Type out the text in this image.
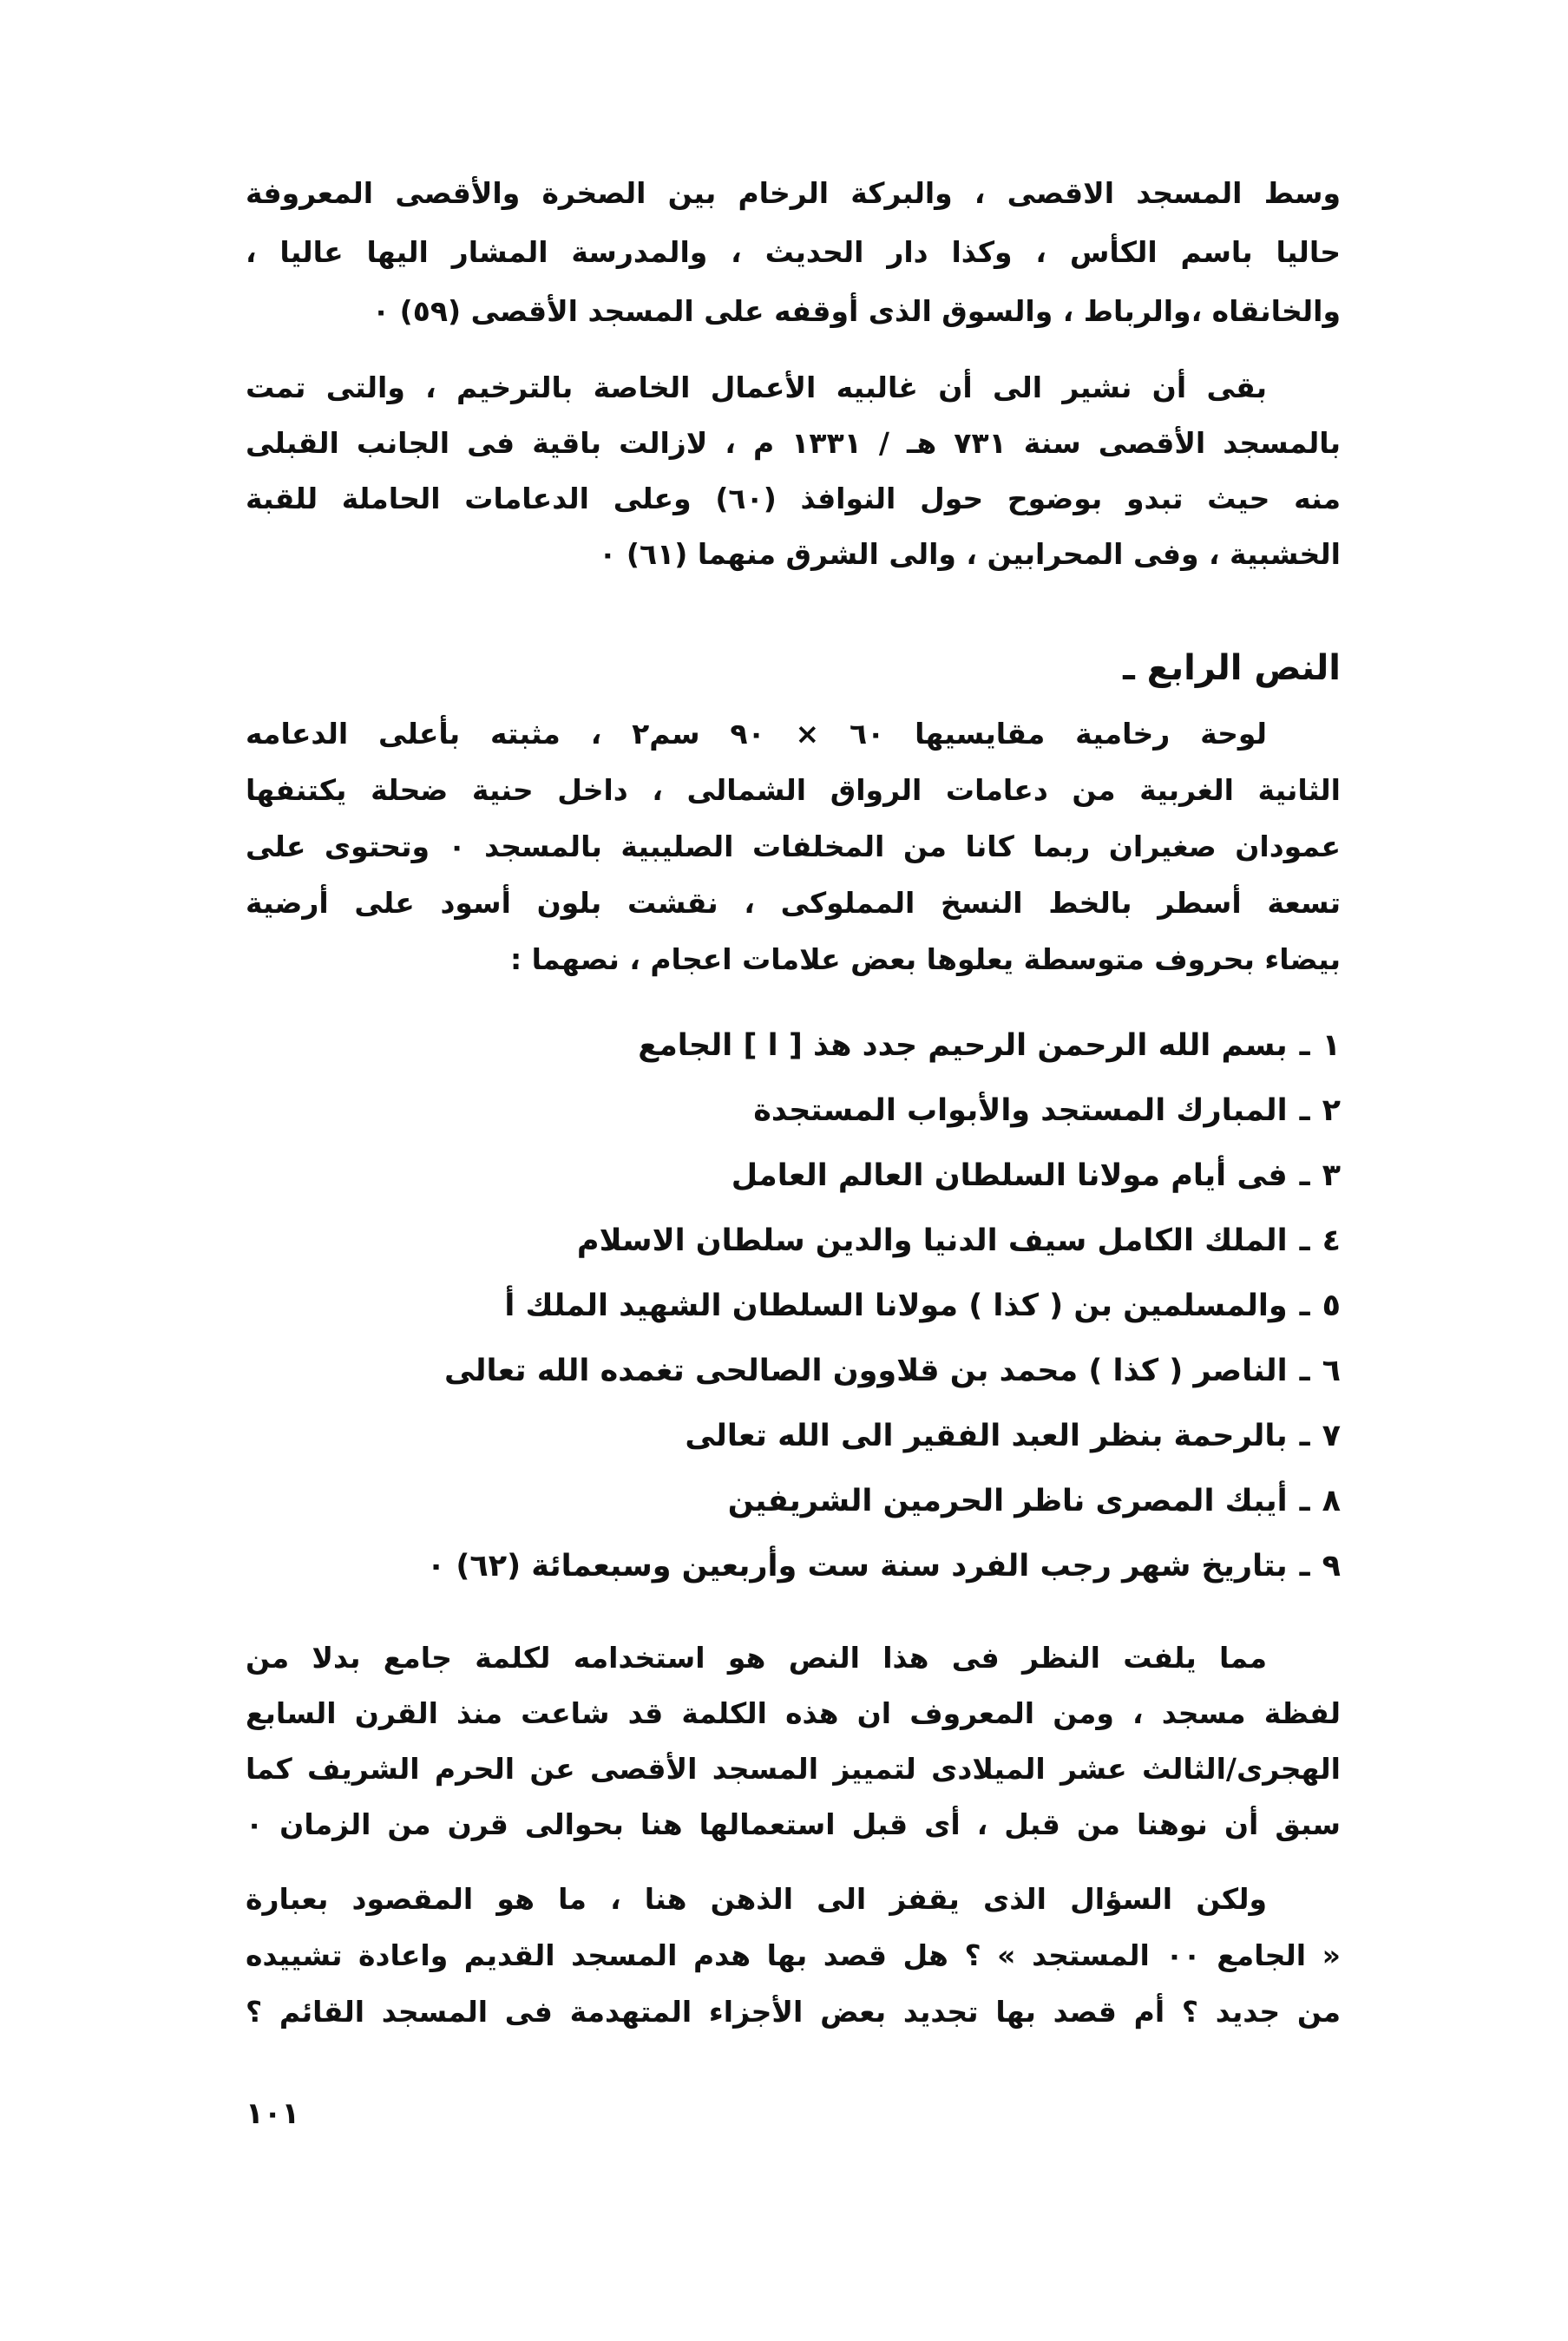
وسط المسجد الاقصى ، والبركة الرخام بين الصخرة والأقصى المعروفة
حاليا باسم الكأس ، وكذا دار الحديث ، والمدرسة المشار اليها عاليا ،
والخانقاه ،والرباط ، والسوق الذى أوقفه على المسجد الأقصى (٥٩) ٠
بقى أن نشير الى أن غالبيه الأعمال الخاصة بالترخيم ، والتى تمت
بالمسجد الأقصى سنة ٧٣١ هـ / ١٣٣١ م ، لازالت باقية فى الجانب القبلى
منه حيث تبدو بوضوح حول النوافذ (٦٠) وعلى الدعامات الحاملة للقبة
الخشبية ، وفى المحرابين ، والى الشرق منهما (٦١) ٠
النص الرابع ـ
لوحة رخامية مقايسيها ٦٠ × ٩٠ سم٢ ، مثبته بأعلى الدعامه
الثانية الغربية من دعامات الرواق الشمالى ، داخل حنية ضحلة يكتنفها
عمودان صغيران ربما كانا من المخلفات الصليبية بالمسجد ٠ وتحتوى على
تسعة أسطر بالخط النسخ المملوكى ، نقشت بلون أسود على أرضية
بيضاء بحروف متوسطة يعلوها بعض علامات اعجام ، نصهما :
١ـبسم الله الرحمن الرحيم جدد هذ [ ا ] الجامع
٢ـالمبارك المستجد والأبواب المستجدة
٣ـفى أيام مولانا السلطان العالم العامل
٤ـالملك الكامل سيف الدنيا والدين سلطان الاسلام
٥ـوالمسلمين بن ( كذا ) مولانا السلطان الشهيد الملك أ
٦ـالناصر ( كذا ) محمد بن قلاوون الصالحى تغمده الله تعالى
٧ـبالرحمة بنظر العبد الفقير الى الله تعالى
٨ـأيبك المصرى ناظر الحرمين الشريفين
٩ـبتاريخ شهر رجب الفرد سنة ست وأربعين وسبعمائة (٦٢) ٠
مما يلفت النظر فى هذا النص هو استخدامه لكلمة جامع بدلا من
لفظة مسجد ، ومن المعروف ان هذه الكلمة قد شاعت منذ القرن السابع
الهجرى/الثالث عشر الميلادى لتمييز المسجد الأقصى عن الحرم الشريف كما
سبق أن نوهنا من قبل ، أى قبل استعمالها هنا بحوالى قرن من الزمان ٠
ولكن السؤال الذى يقفز الى الذهن هنا ، ما هو المقصود بعبارة
« الجامع ٠٠ المستجد » ؟ هل قصد بها هدم المسجد القديم واعادة تشييده
من جديد ؟ أم قصد بها تجديد بعض الأجزاء المتهدمة فى المسجد القائم ؟
١٠١
